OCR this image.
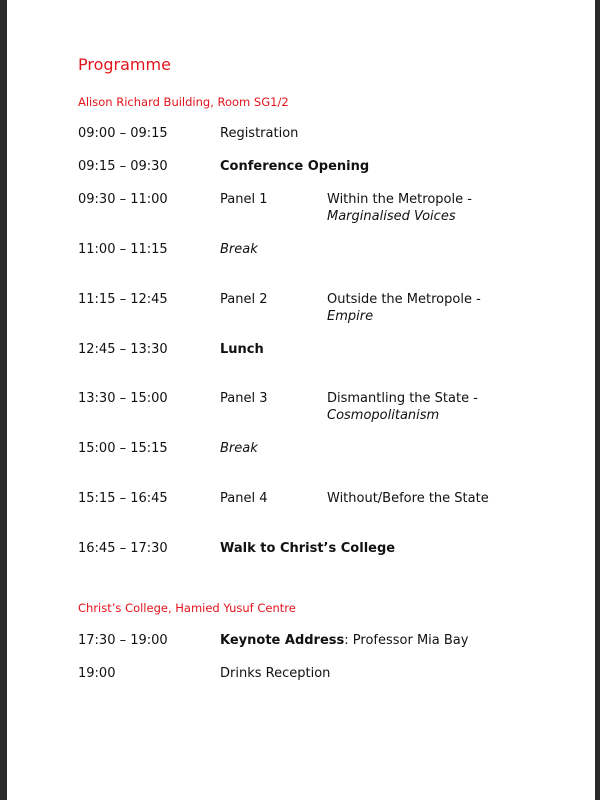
Programme
Alison Richard Building, Room SG1/2
09:00 – 09:15	Registration
09:15 – 09:30	Conference Opening
09:30 – 11:00	Panel 1	Within the Metropole -
Marginalised Voices
11:00 – 11:15	Break
11:15 – 12:45	Panel 2	Outside the Metropole -
Empire
12:45 – 13:30	Lunch
13:30 – 15:00	Panel 3	Dismantling the State -
Cosmopolitanism
15:00 – 15:15	Break
15:15 – 16:45	Panel 4	Without/Before the State
16:45 – 17:30	Walk to Christ’s College
Christ’s College, Hamied Yusuf Centre
17:30 – 19:00	Keynote Address: Professor Mia Bay
19:00	Drinks Reception
